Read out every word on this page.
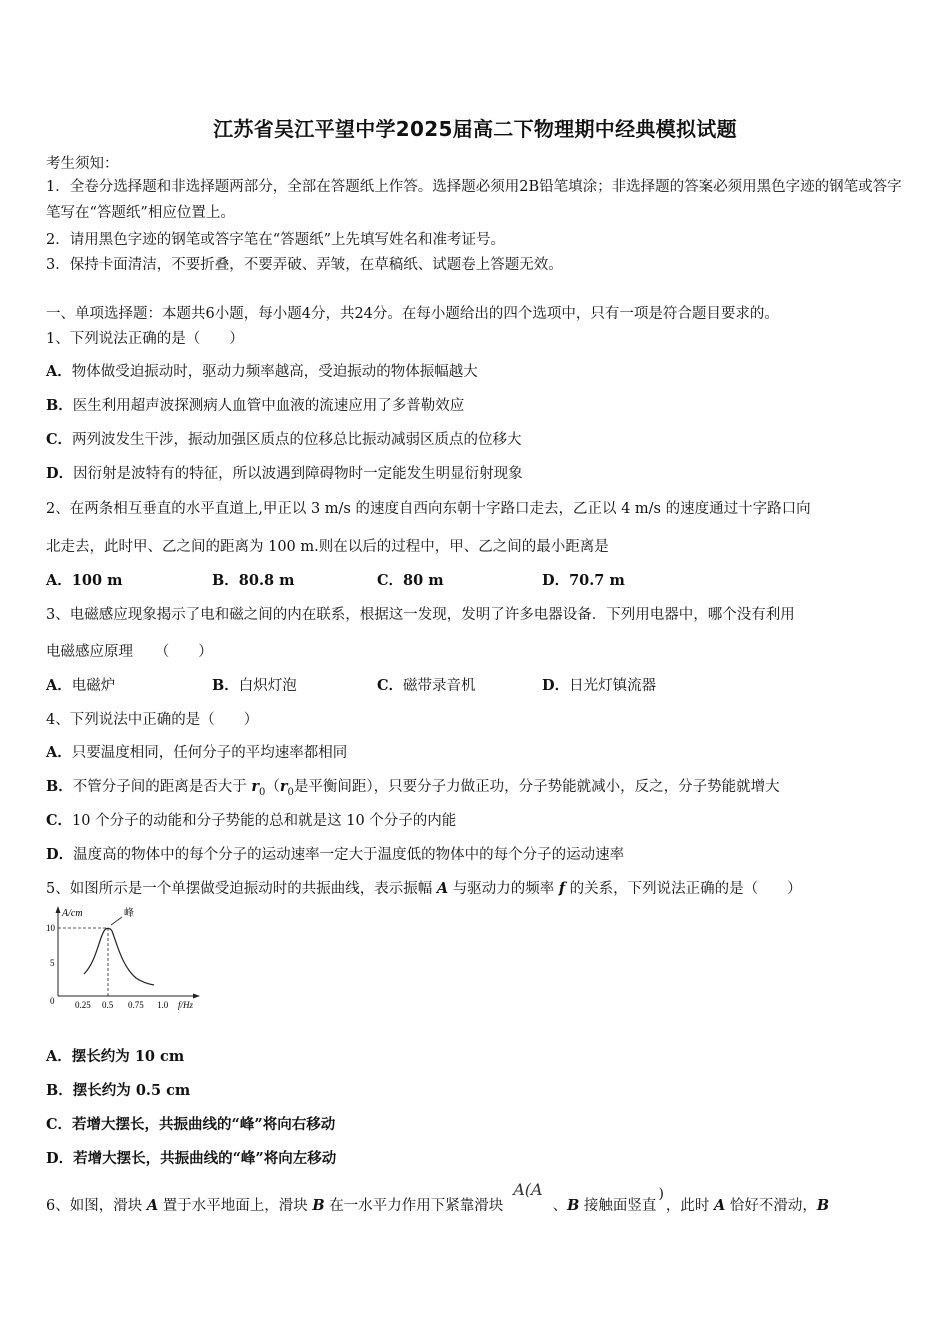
江苏省吴江平望中学2025届高二下物理期中经典模拟试题
考生须知：
1．全卷分选择题和非选择题两部分，全部在答题纸上作答。选择题必须用2B铅笔填涂；非选择题的答案必须用黑色字迹的钢笔或答字笔写在“答题纸”相应位置上。
2．请用黑色字迹的钢笔或答字笔在“答题纸”上先填写姓名和准考证号。
3．保持卡面清洁，不要折叠，不要弄破、弄皱，在草稿纸、试题卷上答题无效。
一、单项选择题：本题共6小题，每小题4分，共24分。在每小题给出的四个选项中，只有一项是符合题目要求的。
1、下列说法正确的是（　　）
A．物体做受迫振动时，驱动力频率越高，受迫振动的物体振幅越大
B．医生利用超声波探测病人血管中血液的流速应用了多普勒效应
C．两列波发生干涉，振动加强区质点的位移总比振动减弱区质点的位移大
D．因衍射是波特有的特征，所以波遇到障碍物时一定能发生明显衍射现象
2、在两条相互垂直的水平直道上,甲正以 3 m/s 的速度自西向东朝十字路口走去，乙正以 4 m/s 的速度通过十字路口向
北走去，此时甲、乙之间的距离为 100 m.则在以后的过程中，甲、乙之间的最小距离是
A．100 m	B．80.8 m	C．80 m	D．70.7 m
3、电磁感应现象揭示了电和磁之间的内在联系，根据这一发现，发明了许多电器设备．下列用电器中，哪个没有利用
电磁感应原理　　（　　）
A．电磁炉	B．白炽灯泡	C．磁带录音机	D．日光灯镇流器
4、下列说法中正确的是（　　）
A．只要温度相同，任何分子的平均速率都相同
B．不管分子间的距离是否大于 $r_0(r_0$是平衡间距），只要分子力做正功，分子势能就减小，反之，分子势能就增大
C．10 个分子的动能和分子势能的总和就是这 10 个分子的内能
D．温度高的物体中的每个分子的运动速率一定大于温度低的物体中的每个分子的运动速率
5、如图所示是一个单摆做受迫振动时的共振曲线，表示振幅 A 与驱动力的频率 f 的关系，下列说法正确的是（　　）
A/cm	峰
10
5
0 0.25 0.5 0.75 1.0 f/Hz
A．摆长约为 10 cm
B．摆长约为 0.5 cm
C．若增大摆长，共振曲线的“峰”将向右移动
D．若增大摆长，共振曲线的“峰”将向左移动
6、如图，滑块 A 置于水平地面上，滑块 B 在一水平力作用下紧靠滑块A(A、B 接触面竖直)，此时 A 恰好不滑动，B
